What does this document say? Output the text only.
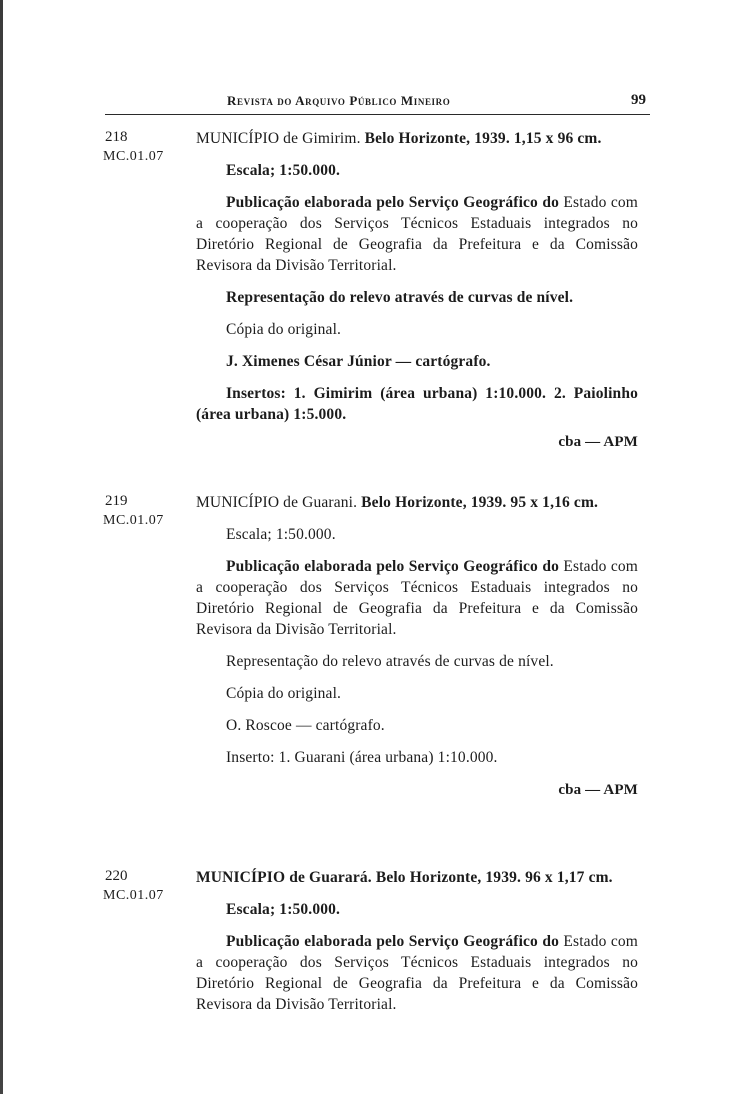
Revista do Arquivo Público Mineiro	99
218
MC.01.07

MUNICÍPIO de Gimirim. Belo Horizonte, 1939. 1,15 x 96 cm.

Escala; 1:50.000.

Publicação elaborada pelo Serviço Geográfico do Estado com a cooperação dos Serviços Técnicos Estaduais integrados no Diretório Regional de Geografia da Prefeitura e da Comissão Revisora da Divisão Territorial.

Representação do relevo através de curvas de nível.

Cópia do original.

J. Ximenes César Júnior — cartógrafo.

Insertos: 1. Gimirim (área urbana) 1:10.000. 2. Paiolinho (área urbana) 1:5.000.

cba — APM
219
MC.01.07

MUNICÍPIO de Guarani. Belo Horizonte, 1939. 95 x 1,16 cm.

Escala; 1:50.000.

Publicação elaborada pelo Serviço Geográfico do Estado com a cooperação dos Serviços Técnicos Estaduais integrados no Diretório Regional de Geografia da Prefeitura e da Comissão Revisora da Divisão Territorial.

Representação do relevo através de curvas de nível.

Cópia do original.

O. Roscoe — cartógrafo.

Inserto: 1. Guarani (área urbana) 1:10.000.

cba — APM
220
MC.01.07

MUNICÍPIO de Guarará. Belo Horizonte, 1939. 96 x 1,17 cm.

Escala; 1:50.000.

Publicação elaborada pelo Serviço Geográfico do Estado com a cooperação dos Serviços Técnicos Estaduais integrados no Diretório Regional de Geografia da Prefeitura e da Comissão Revisora da Divisão Territorial.
